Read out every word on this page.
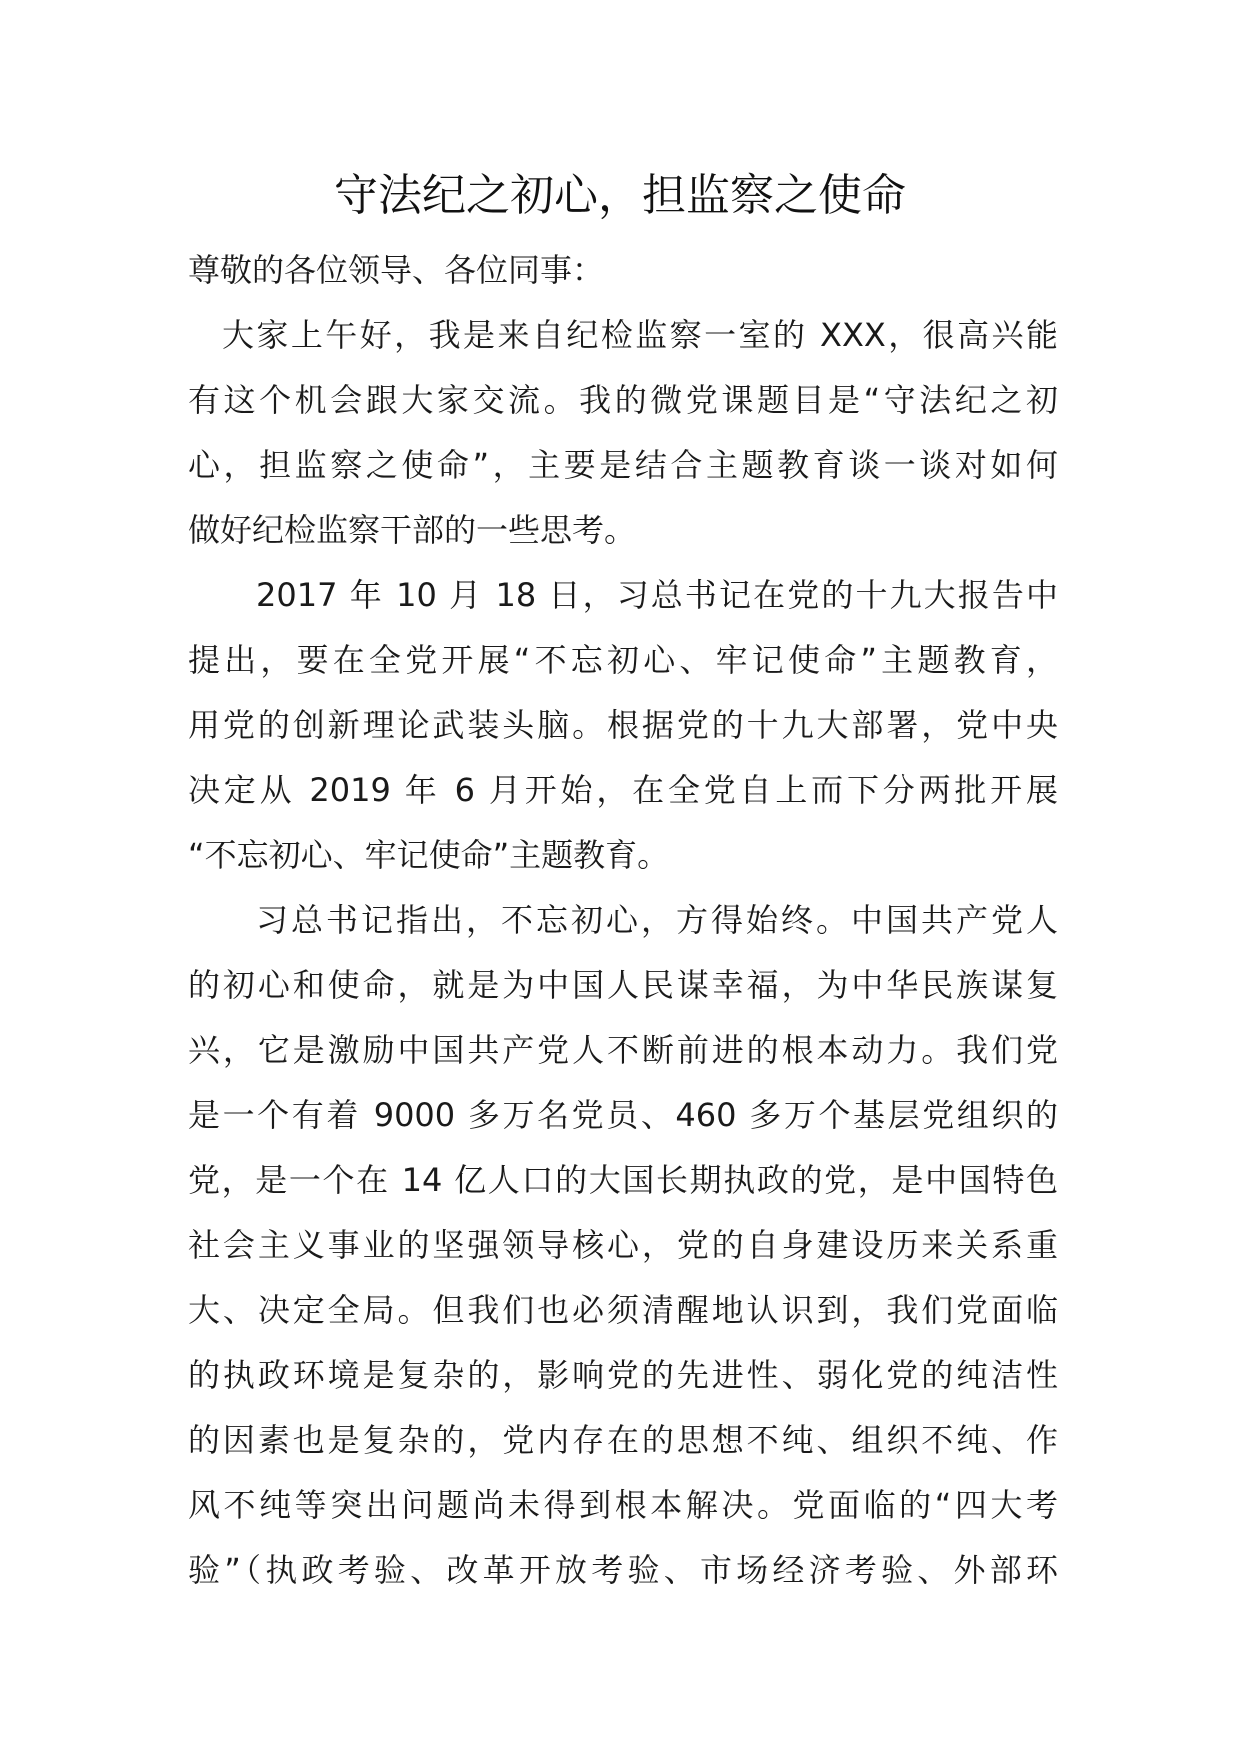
守法纪之初心，担监察之使命
尊敬的各位领导、各位同事：
大家上午好，我是来自纪检监察一室的 XXX，很高兴能
有这个机会跟大家交流。我的微党课题目是“守法纪之初
心，担监察之使命”，主要是结合主题教育谈一谈对如何
做好纪检监察干部的一些思考。
2017 年 10 月 18 日，习总书记在党的十九大报告中
提出，要在全党开展“不忘初心、牢记使命”主题教育，
用党的创新理论武装头脑。根据党的十九大部署，党中央
决定从 2019 年 6 月开始，在全党自上而下分两批开展
“不忘初心、牢记使命”主题教育。
习总书记指出，不忘初心，方得始终。中国共产党人
的初心和使命，就是为中国人民谋幸福，为中华民族谋复
兴，它是激励中国共产党人不断前进的根本动力。我们党
是一个有着 9000 多万名党员、460 多万个基层党组织的
党，是一个在 14 亿人口的大国长期执政的党，是中国特色
社会主义事业的坚强领导核心，党的自身建设历来关系重
大、决定全局。但我们也必须清醒地认识到，我们党面临
的执政环境是复杂的，影响党的先进性、弱化党的纯洁性
的因素也是复杂的，党内存在的思想不纯、组织不纯、作
风不纯等突出问题尚未得到根本解决。党面临的“四大考
验”（执政考验、改革开放考验、市场经济考验、外部环
